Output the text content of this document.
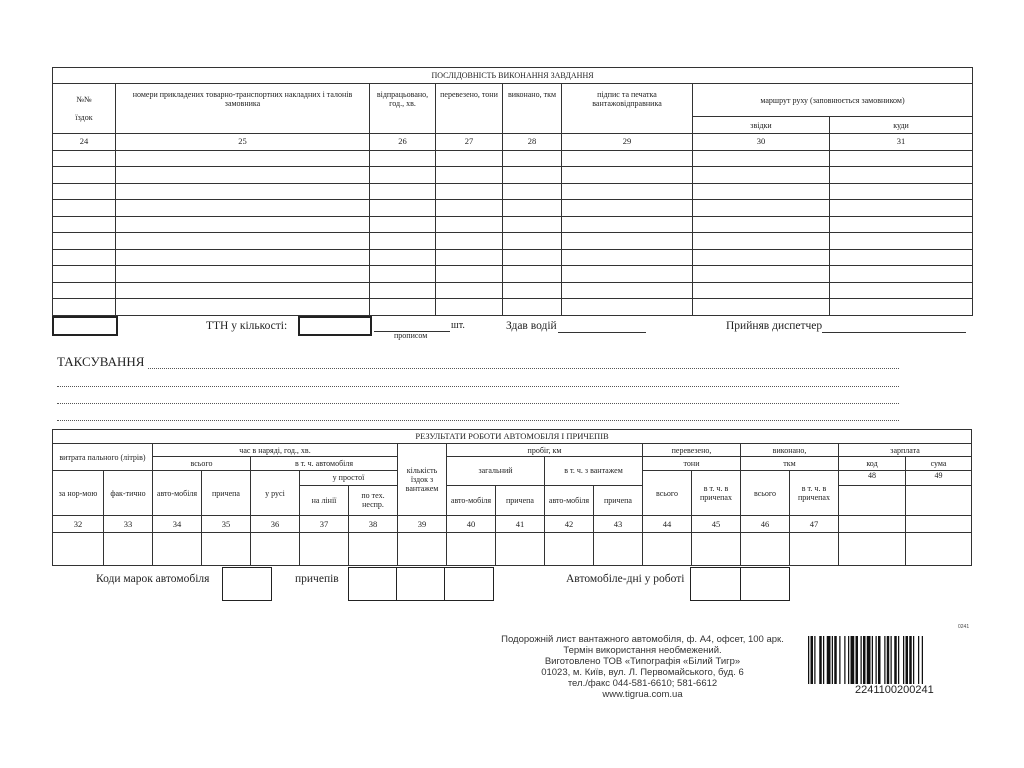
ПОСЛІДОВНІСТЬ ВИКОНАННЯ ЗАВДАННЯ							

№№
їздок	номери прикладених товарно-транспортних накладних і талонів замовника	відпрацьовано, год., хв.	перевезено, тони	виконано, ткм	підпис та печатка вантажовідправника	маршрут руху (заповнюється замовником)	
						звідки	куди
24	25	26	27	28	29	30	31

ТТН у кількості:
прописом
шт.	Здав водій	Прийняв диспетчер
ТАКСУВАННЯ
РЕЗУЛЬТАТИ РОБОТИ АВТОМОБІЛЯ І ПРИЧЕПІВ																	
витрата пального (літрів)		час в наряді, год., хв.					кількість їздок з вантажем	пробіг, км				перевезено,		виконано,		зарплата	
		всього		в т. ч. автомобіля				загальний		в т. ч. з вантажем		тони		ткм		код	сума
за нор-мою	фак-тично	авто-мобіля	причепа	у русі	у простої							всього	в т. ч. в причепах	всього	в т. ч. в причепах	48	49
					на лінії	по тех. неспр.		авто-мобіля	причепа	авто-мобіля	причепа						
32	33	34	35	36	37	38	39	40	41	42	43	44	45	46	47		

Коди марок автомобіля	причепів	Автомобіле-дні у роботі
Подорожній лист вантажного автомобіля, ф. А4, офсет, 100 арк.
Термін використання необмежений.
Виготовлено ТОВ «Типографія «Білий Тигр»
01023, м. Київ, вул. Л. Первомайського, буд. 6
тел./факс 044-581-6610; 581-6612
www.tigrua.com.ua
0241
2241100200241
